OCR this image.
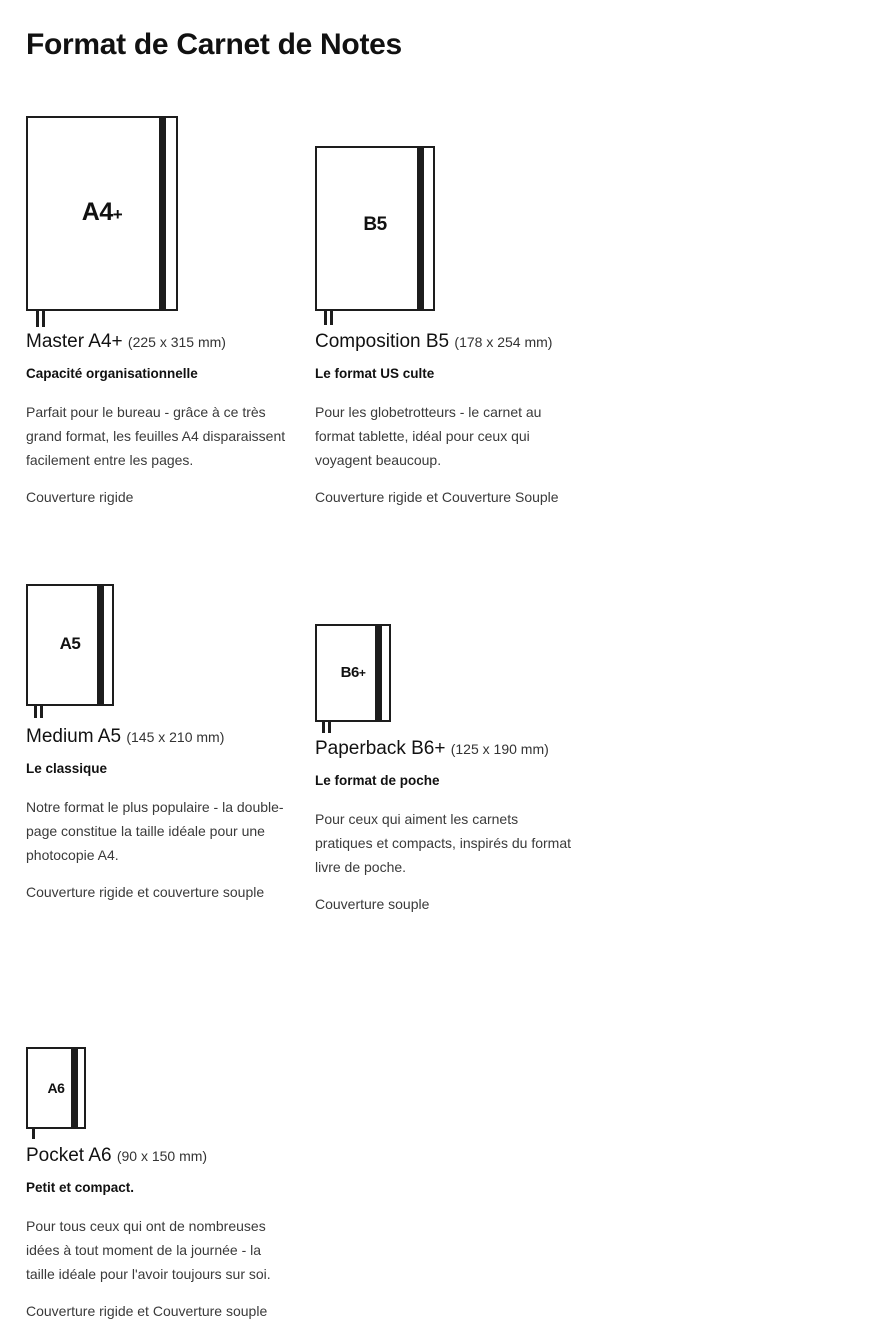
Format de Carnet de Notes
A4+

Master A4+ (225 x 315 mm)

Capacité organisationnelle

Parfait pour le bureau - grâce à ce très grand format, les feuilles A4 disparaissent facilement entre les pages.

Couverture rigide

B5

Composition B5 (178 x 254 mm)

Le format US culte

Pour les globetrotteurs - le carnet au format tablette, idéal pour ceux qui voyagent beaucoup.

Couverture rigide et Couverture Souple

A5

Medium A5 (145 x 210 mm)

Le classique

Notre format le plus populaire - la double-page constitue la taille idéale pour une photocopie A4.

Couverture rigide et couverture souple

B6+

Paperback B6+ (125 x 190 mm)

Le format de poche

Pour ceux qui aiment les carnets pratiques et compacts, inspirés du format livre de poche.

Couverture souple

A6

Pocket A6 (90 x 150 mm)

Petit et compact.

Pour tous ceux qui ont de nombreuses idées à tout moment de la journée - la taille idéale pour l'avoir toujours sur soi.

Couverture rigide et Couverture souple
